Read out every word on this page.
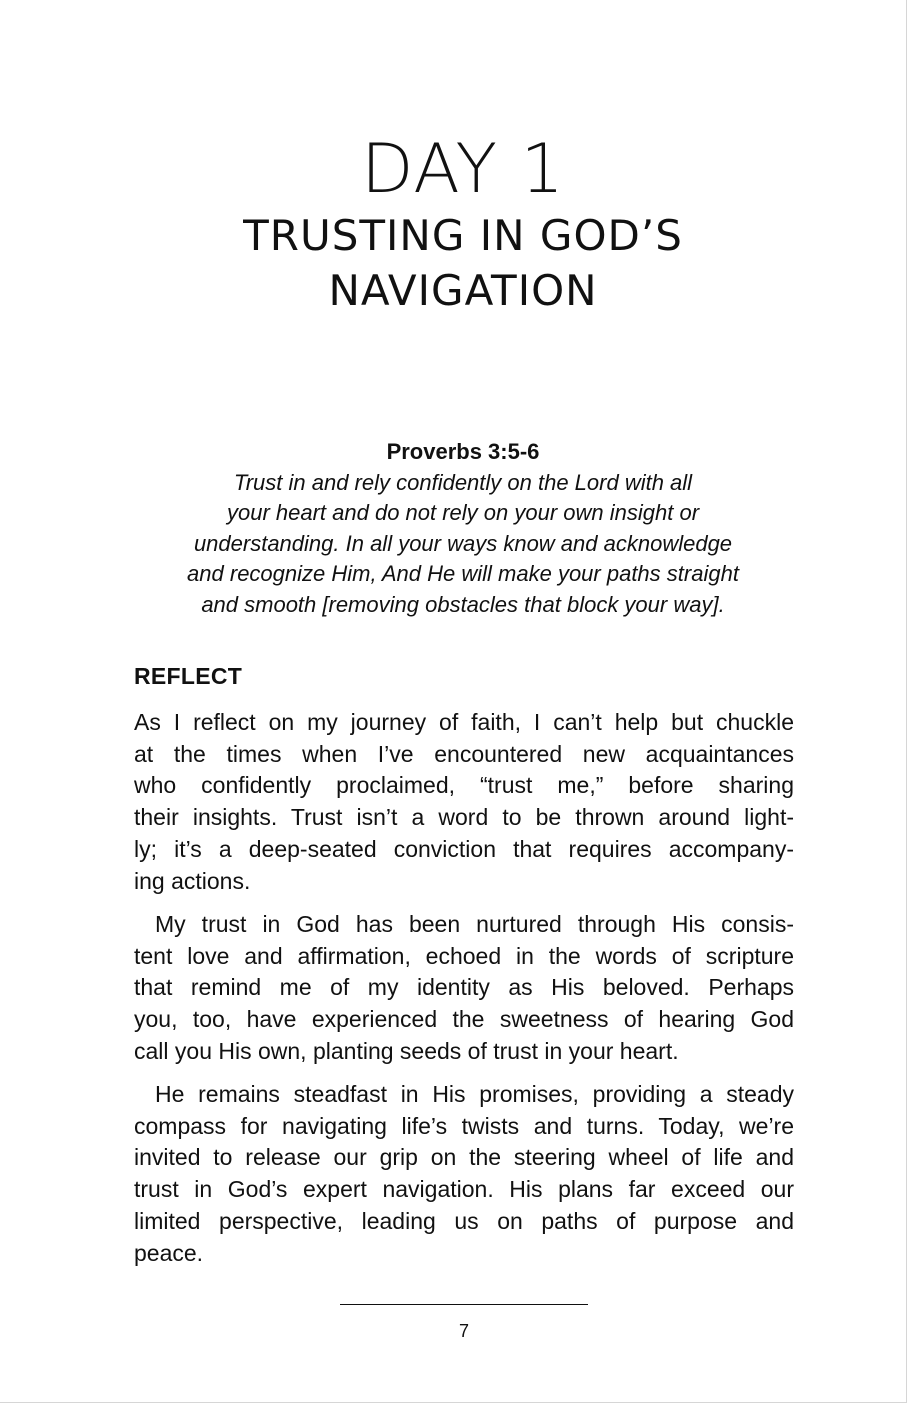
DAY 1
TRUSTING IN GOD’S
NAVIGATION
Proverbs 3:5-6
Trust in and rely confidently on the Lord with all
your heart and do not rely on your own insight or
understanding. In all your ways know and acknowledge
and recognize Him, And He will make your paths straight
and smooth [removing obstacles that block your way].
REFLECT
As I reflect on my journey of faith, I can’t help but chuckle
at the times when I’ve encountered new acquaintances
who confidently proclaimed, “trust me,” before sharing
their insights. Trust isn’t a word to be thrown around light-
ly; it’s a deep-seated conviction that requires accompany-
ing actions.
My trust in God has been nurtured through His consis-
tent love and affirmation, echoed in the words of scripture
that remind me of my identity as His beloved. Perhaps
you, too, have experienced the sweetness of hearing God
call you His own, planting seeds of trust in your heart.
He remains steadfast in His promises, providing a steady
compass for navigating life’s twists and turns. Today, we’re
invited to release our grip on the steering wheel of life and
trust in God’s expert navigation. His plans far exceed our
limited perspective, leading us on paths of purpose and
peace.
7
